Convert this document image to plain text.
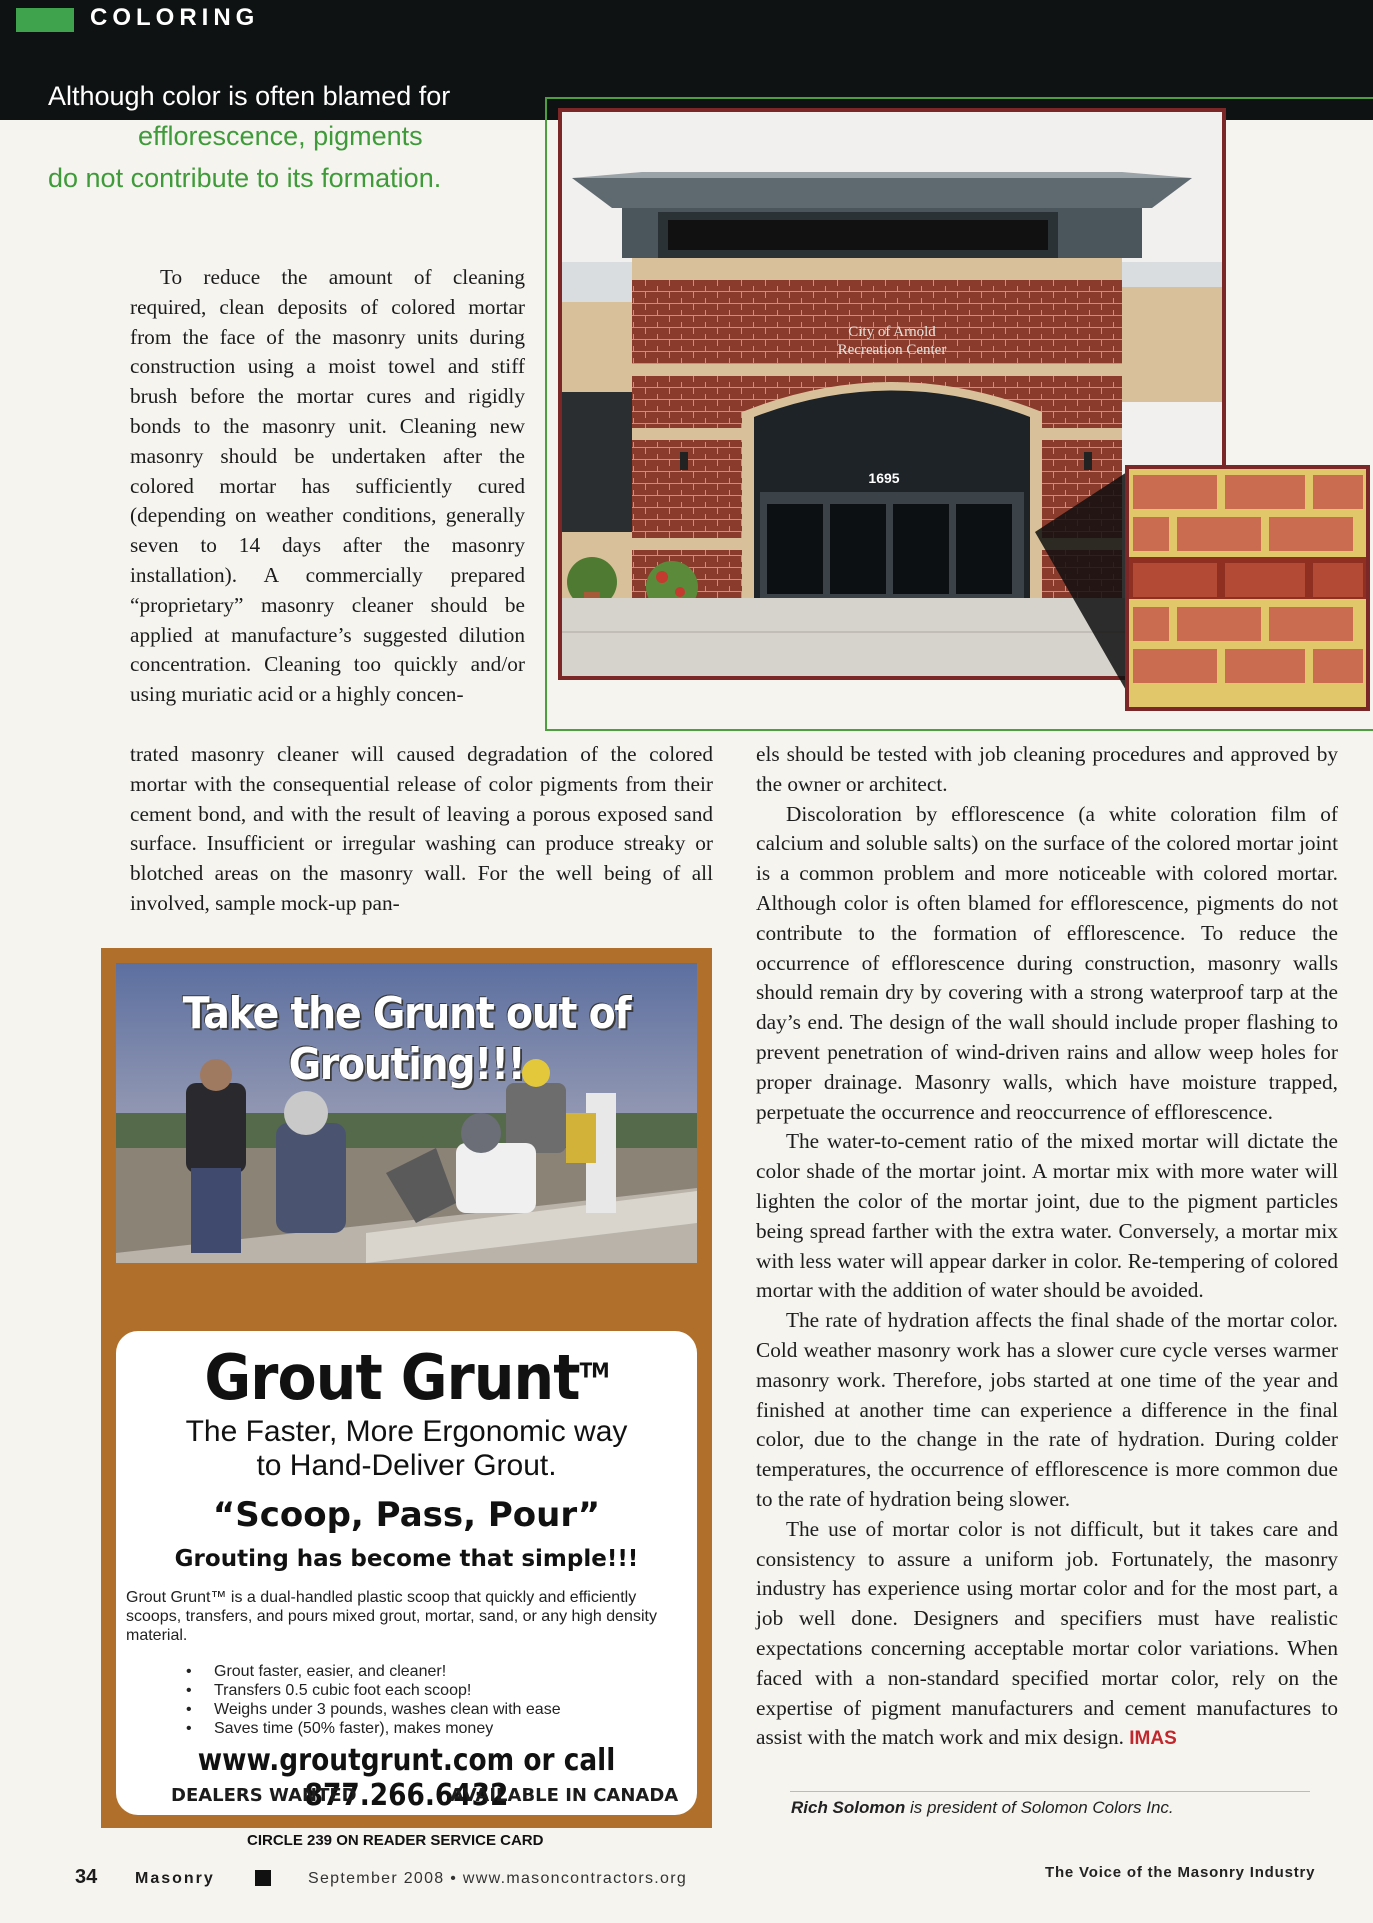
COLORING
Although color is often blamed for
efflorescence, pigments
do not contribute to its formation.
City of Arnold
Recreation Center
1695

To reduce the amount of cleaning required, clean deposits of colored mortar from the face of the masonry units during construction using a moist towel and stiff brush before the mortar cures and rigidly bonds to the masonry unit. Cleaning new masonry should be undertaken after the colored mortar has sufficiently cured (depending on weather conditions, generally seven to 14 days after the masonry installation). A commercially prepared “proprietary” masonry cleaner should be applied at manufacture’s suggested dilution concentration. Cleaning too quickly and/or using muriatic acid or a highly concen-

trated masonry cleaner will caused degradation of the colored mortar with the consequential release of color pigments from their cement bond, and with the result of leaving a porous exposed sand surface. Insufficient or irregular washing can produce streaky or blotched areas on the masonry wall. For the well being of all involved, sample mock-up pan-

els should be tested with job cleaning procedures and approved by the owner or architect.

Discoloration by efflorescence (a white coloration film of calcium and soluble salts) on the surface of the colored mortar joint is a common problem and more noticeable with colored mortar. Although color is often blamed for efflorescence, pigments do not contribute to the formation of efflorescence. To reduce the occurrence of efflorescence during construction, masonry walls should remain dry by covering with a strong waterproof tarp at the day’s end. The design of the wall should include proper flashing to prevent penetration of wind-driven rains and allow weep holes for proper drainage. Masonry walls, which have moisture trapped, perpetuate the occurrence and reoccurrence of efflorescence.

The water-to-cement ratio of the mixed mortar will dictate the color shade of the mortar joint. A mortar mix with more water will lighten the color of the mortar joint, due to the pigment particles being spread farther with the extra water. Conversely, a mortar mix with less water will appear darker in color. Re-tempering of colored mortar with the addition of water should be avoided.

The rate of hydration affects the final shade of the mortar color. Cold weather masonry work has a slower cure cycle verses warmer masonry work. Therefore, jobs started at one time of the year and finished at another time can experience a difference in the final color, due to the change in the rate of hydration. During colder temperatures, the occurrence of efflorescence is more common due to the rate of hydration being slower.

The use of mortar color is not difficult, but it takes care and consistency to assure a uniform job. Fortunately, the masonry industry has experience using mortar color and for the most part, a job well done. Designers and specifiers must have realistic expectations concerning acceptable mortar color variations. When faced with a non-standard specified mortar color, rely on the expertise of pigment manufacturers and cement manufactures to assist with the match work and mix design. IMAS

Rich Solomon is president of Solomon Colors Inc.
Take the Grunt out of Grouting!!!
Grout Grunt™
The Faster, More Ergonomic way
to Hand-Deliver Grout.
“Scoop, Pass, Pour”
Grouting has become that simple!!!
Grout Grunt™ is a dual-handled plastic scoop that quickly and efficiently scoops, transfers, and pours mixed grout, mortar, sand, or any high density material.
• Grout faster, easier, and cleaner!
• Transfers 0.5 cubic foot each scoop!
• Weighs under 3 pounds, washes clean with ease
• Saves time (50% faster), makes money
www.groutgrunt.com or call 877.266.6432
DEALERS WANTED	AVAILABLE IN CANADA
CIRCLE 239 ON READER SERVICE CARD
34 Masonry	September 2008 • www.masoncontractors.org	The Voice of the Masonry Industry
